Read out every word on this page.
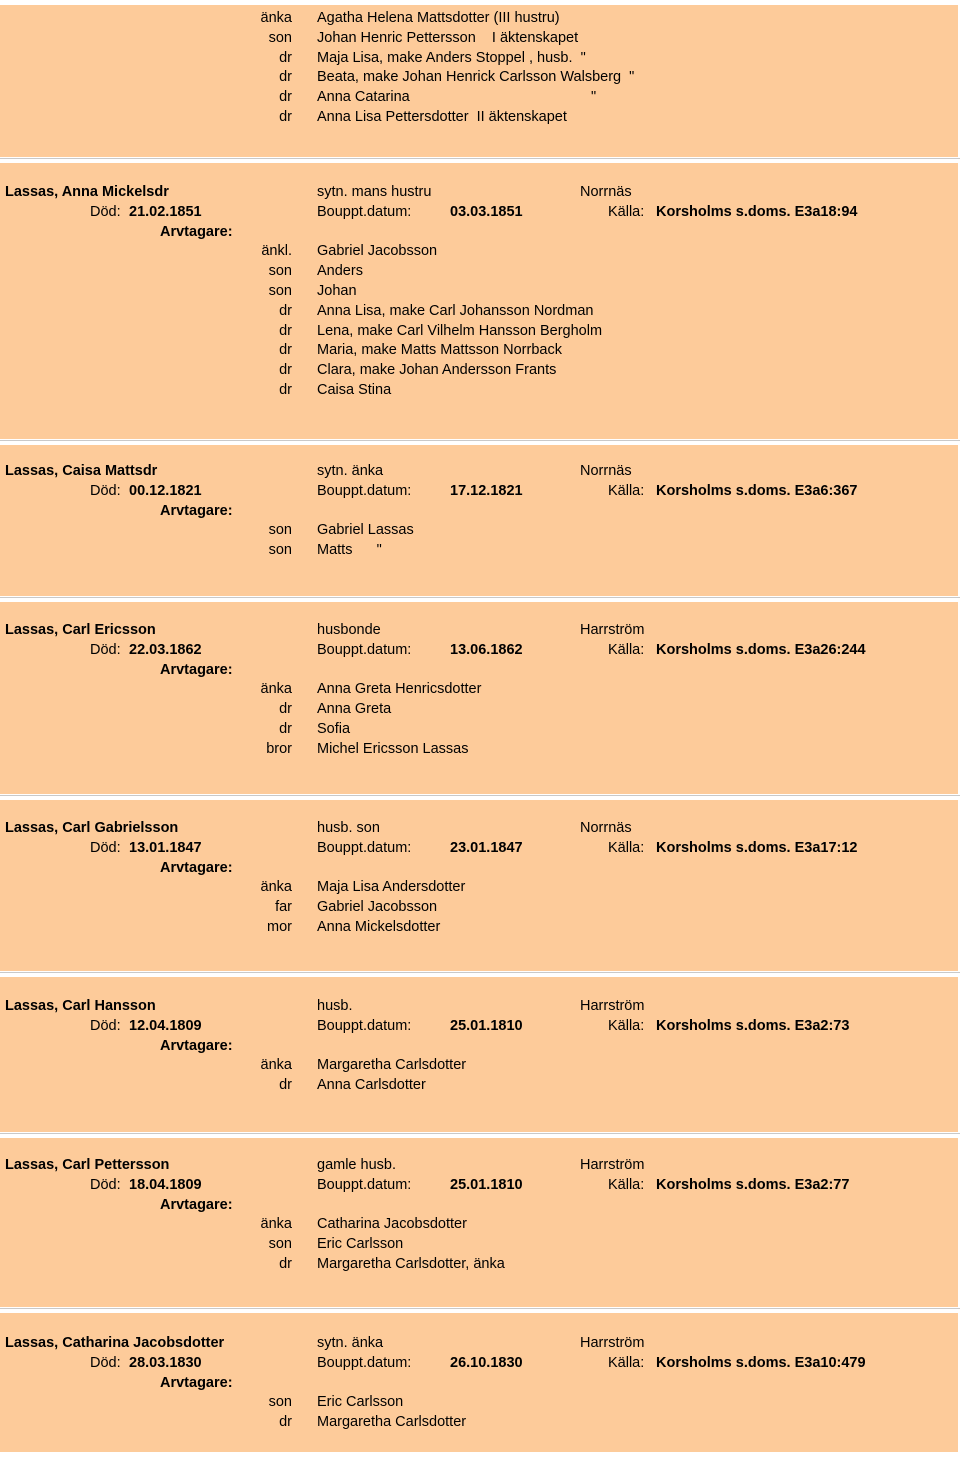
änka Agatha Helena Mattsdotter (III hustru)
son Johan Henric Pettersson    I äktenskapet
dr Maja Lisa, make Anders Stoppel , husb.  "
dr Beata, make Johan Henrick Carlsson Walsberg  "
dr Anna Catarina                                             "
dr Anna Lisa Pettersdotter  II äktenskapet
Lassas, Anna Mickelsdr	sytn. mans hustru	Norrnäs
Död: 21.02.1851	Bouppt.datum:	03.03.1851	Källa: Korsholms s.doms. E3a18:94
Arvtagare:
änkl. Gabriel Jacobsson
son Anders
son Johan
dr Anna Lisa, make Carl Johansson Nordman
dr Lena, make Carl Vilhelm Hansson Bergholm
dr Maria, make Matts Mattsson Norrback
dr Clara, make Johan Andersson Frants
dr Caisa Stina
Lassas, Caisa Mattsdr	sytn. änka	Norrnäs
Död: 00.12.1821	Bouppt.datum:	17.12.1821	Källa: Korsholms s.doms. E3a6:367
Arvtagare:
son Gabriel Lassas
son Matts      "
Lassas, Carl Ericsson	husbonde	Harrström
Död: 22.03.1862	Bouppt.datum:	13.06.1862	Källa: Korsholms s.doms. E3a26:244
Arvtagare:
änka Anna Greta Henricsdotter
dr Anna Greta
dr Sofia
bror Michel Ericsson Lassas
Lassas, Carl Gabrielsson	husb. son	Norrnäs
Död: 13.01.1847	Bouppt.datum:	23.01.1847	Källa: Korsholms s.doms. E3a17:12
Arvtagare:
änka Maja Lisa Andersdotter
far Gabriel Jacobsson
mor Anna Mickelsdotter
Lassas, Carl Hansson	husb.	Harrström
Död: 12.04.1809	Bouppt.datum:	25.01.1810	Källa: Korsholms s.doms. E3a2:73
Arvtagare:
änka Margaretha Carlsdotter
dr Anna Carlsdotter
Lassas, Carl Pettersson	gamle husb.	Harrström
Död: 18.04.1809	Bouppt.datum:	25.01.1810	Källa: Korsholms s.doms. E3a2:77
Arvtagare:
änka Catharina Jacobsdotter
son Eric Carlsson
dr Margaretha Carlsdotter, änka
Lassas, Catharina Jacobsdotter	sytn. änka	Harrström
Död: 28.03.1830	Bouppt.datum:	26.10.1830	Källa: Korsholms s.doms. E3a10:479
Arvtagare:
son Eric Carlsson
dr Margaretha Carlsdotter
